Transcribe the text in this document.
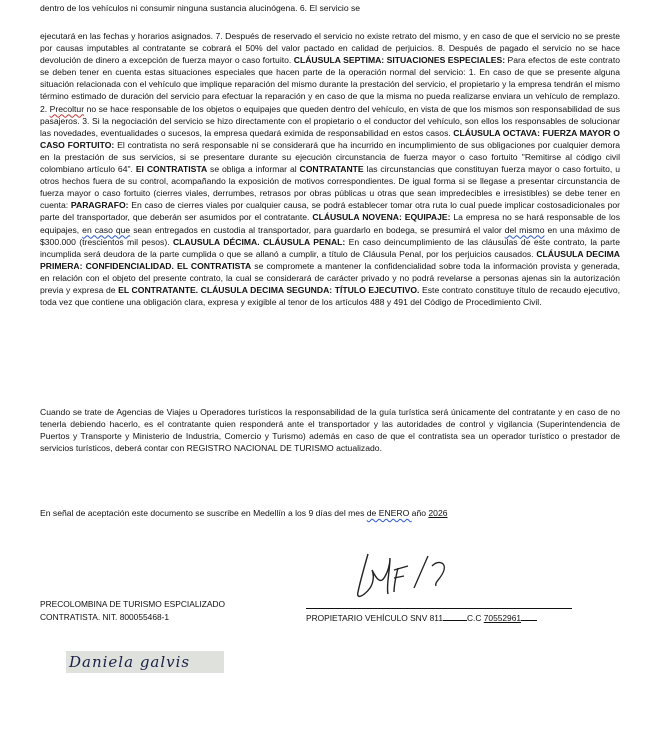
dentro de los vehículos ni consumir ninguna sustancia alucinógena. 6. El servicio se
ejecutará en las fechas y horarios asignados. 7. Después de reservado el servicio no existe retrato del mismo, y en caso de que el servicio no se preste por causas imputables al contratante se cobrará el 50% del valor pactado en calidad de perjuicios. 8. Después de pagado el servicio no se hace devolución de dinero a excepción de fuerza mayor o caso fortuito. CLÁUSULA SEPTIMA: SITUACIONES ESPECIALES: Para efectos de este contrato se deben tener en cuenta estas situaciones especiales que hacen parte de la operación normal del servicio: 1. En caso de que se presente alguna situación relacionada con el vehículo que implique reparación del mismo durante la prestación del servicio, el propietario y la empresa tendrán el mismo término estimado de duración del servicio para efectuar la reparación y en caso de que la misma no pueda realizarse enviara un vehículo de remplazo. 2. Precoltur no se hace responsable de los objetos o equipajes que queden dentro del vehículo, en vista de que los mismos son responsabilidad de sus pasajeros. 3. Si la negociación del servicio se hizo directamente con el propietario o el conductor del vehículo, son ellos los responsables de solucionar las novedades, eventualidades o sucesos, la empresa quedará eximida de responsabilidad en estos casos. CLÁUSULA OCTAVA: FUERZA MAYOR O CASO FORTUITO: El contratista no será responsable ni se considerará que ha incurrido en incumplimiento de sus obligaciones por cualquier demora en la prestación de sus servicios, si se presentare durante su ejecución circunstancia de fuerza mayor o caso fortuito "Remitirse al código civil colombiano artículo 64". El CONTRATISTA se obliga a informar al CONTRATANTE las circunstancias que constituyan fuerza mayor o caso fortuito, u otros hechos fuera de su control, acompañando la exposición de motivos correspondientes. De igual forma si se llegase a presentar circunstancia de fuerza mayor o caso fortuito (cierres viales, derrumbes, retrasos por obras públicas u otras que sean impredecibles e irresistibles) se debe tener en cuenta: PARAGRAFO: En caso de cierres viales por cualquier causa, se podrá establecer tomar otra ruta lo cual puede implicar costosadicionales por parte del transportador, que deberán ser asumidos por el contratante. CLÁUSULA NOVENA: EQUIPAJE: La empresa no se hará responsable de los equipajes, en caso que sean entregados en custodia al transportador, para guardarlo en bodega, se presumirá el valor del mismo en una máximo de $300.000 (trescientos mil pesos). CLAUSULA DÉCIMA. CLÁUSULA PENAL: En caso deincumplimiento de las cláusulas de este contrato, la parte incumplida será deudora de la parte cumplida o que se allanó a cumplir, a título de Cláusula Penal, por los perjuicios causados. CLÁUSULA DECIMA PRIMERA: CONFIDENCIALIDAD. EL CONTRATISTA se compromete a mantener la confidencialidad sobre toda la información provista y generada, en relación con el objeto del presente contrato, la cual se considerará de carácter privado y no podrá revelarse a personas ajenas sin la autorización previa y expresa de EL CONTRATANTE. CLÁUSULA DECIMA SEGUNDA: TÍTULO EJECUTIVO. Este contrato constituye título de recaudo ejecutivo, toda vez que contiene una obligación clara, expresa y exigible al tenor de los artículos 488 y 491 del Código de Procedimiento Civil.
Cuando se trate de Agencias de Viajes u Operadores turísticos la responsabilidad de la guía turística será únicamente del contratante y en caso de no tenerla debiendo hacerlo, es el contratante quien responderá ante el transportador y las autoridades de control y vigilancia (Superintendencia de Puertos y Transporte y Ministerio de Industria, Comercio y Turismo) además en caso de que el contratista sea un operador turístico o prestador de servicios turísticos, deberá contar con REGISTRO NACIONAL DE TURISMO actualizado.
En señal de aceptación este documento se suscribe en Medellín a los 9 días del mes de ENERO año 2026
PRECOLOMBINA DE TURISMO ESPCIALIZADO
CONTRATISTA. NIT. 800055468-1	PROPIETARIO VEHÍCULO SNV 811	C.C 70552961
Daniela galvis
